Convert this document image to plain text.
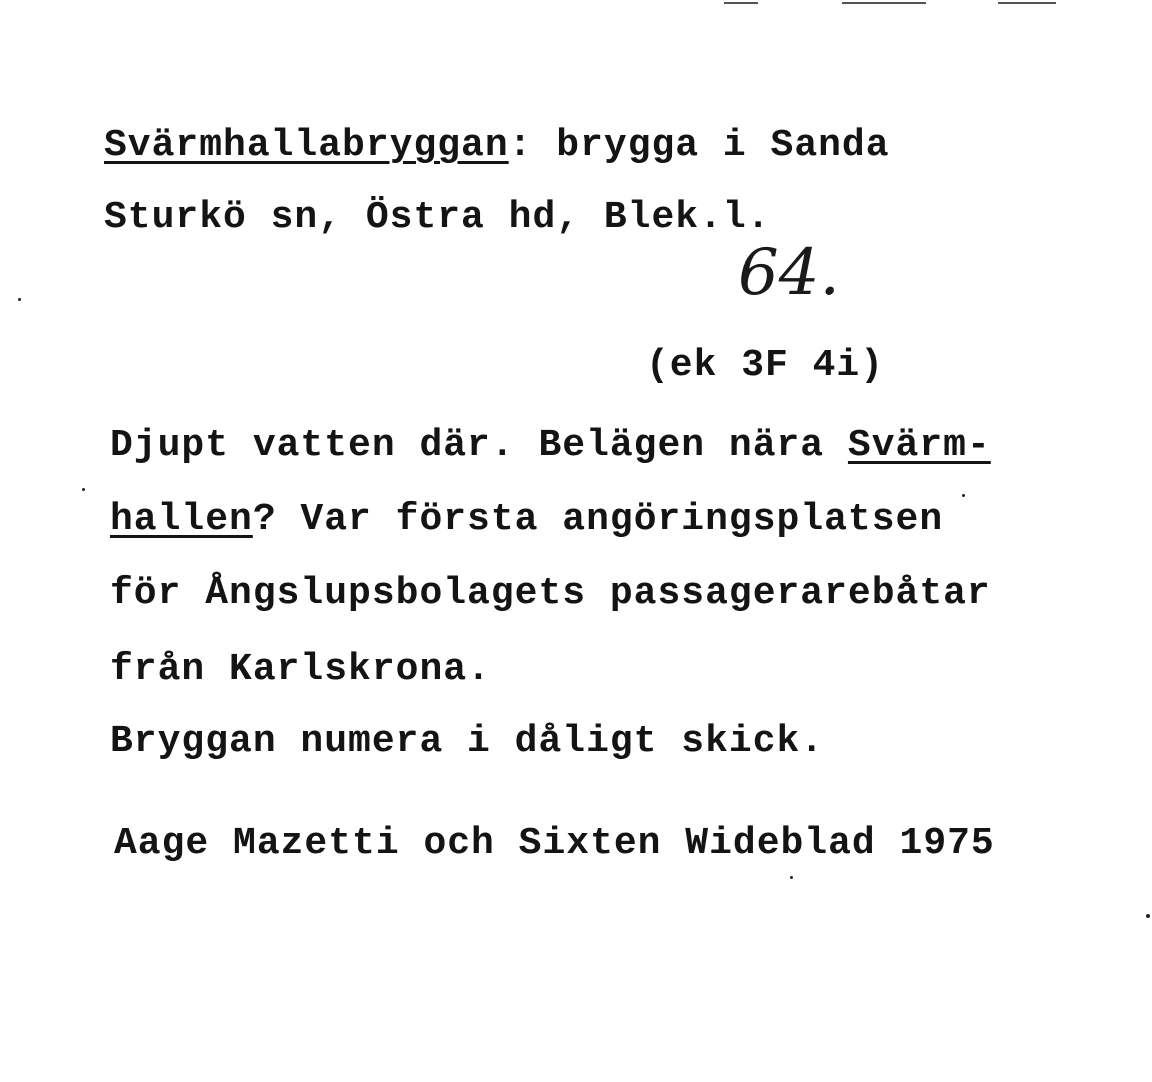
Svärmhallabryggan: brygga i Sanda
Sturkö sn, Östra hd, Blek.l.
64.
(ek 3F 4i)
Djupt vatten där. Belägen nära Svärm-
hallen? Var första angöringsplatsen
för Ångslupsbolagets passagerarebåtar
från Karlskrona.
Bryggan numera i dåligt skick.
Aage Mazetti och Sixten Wideblad 1975
